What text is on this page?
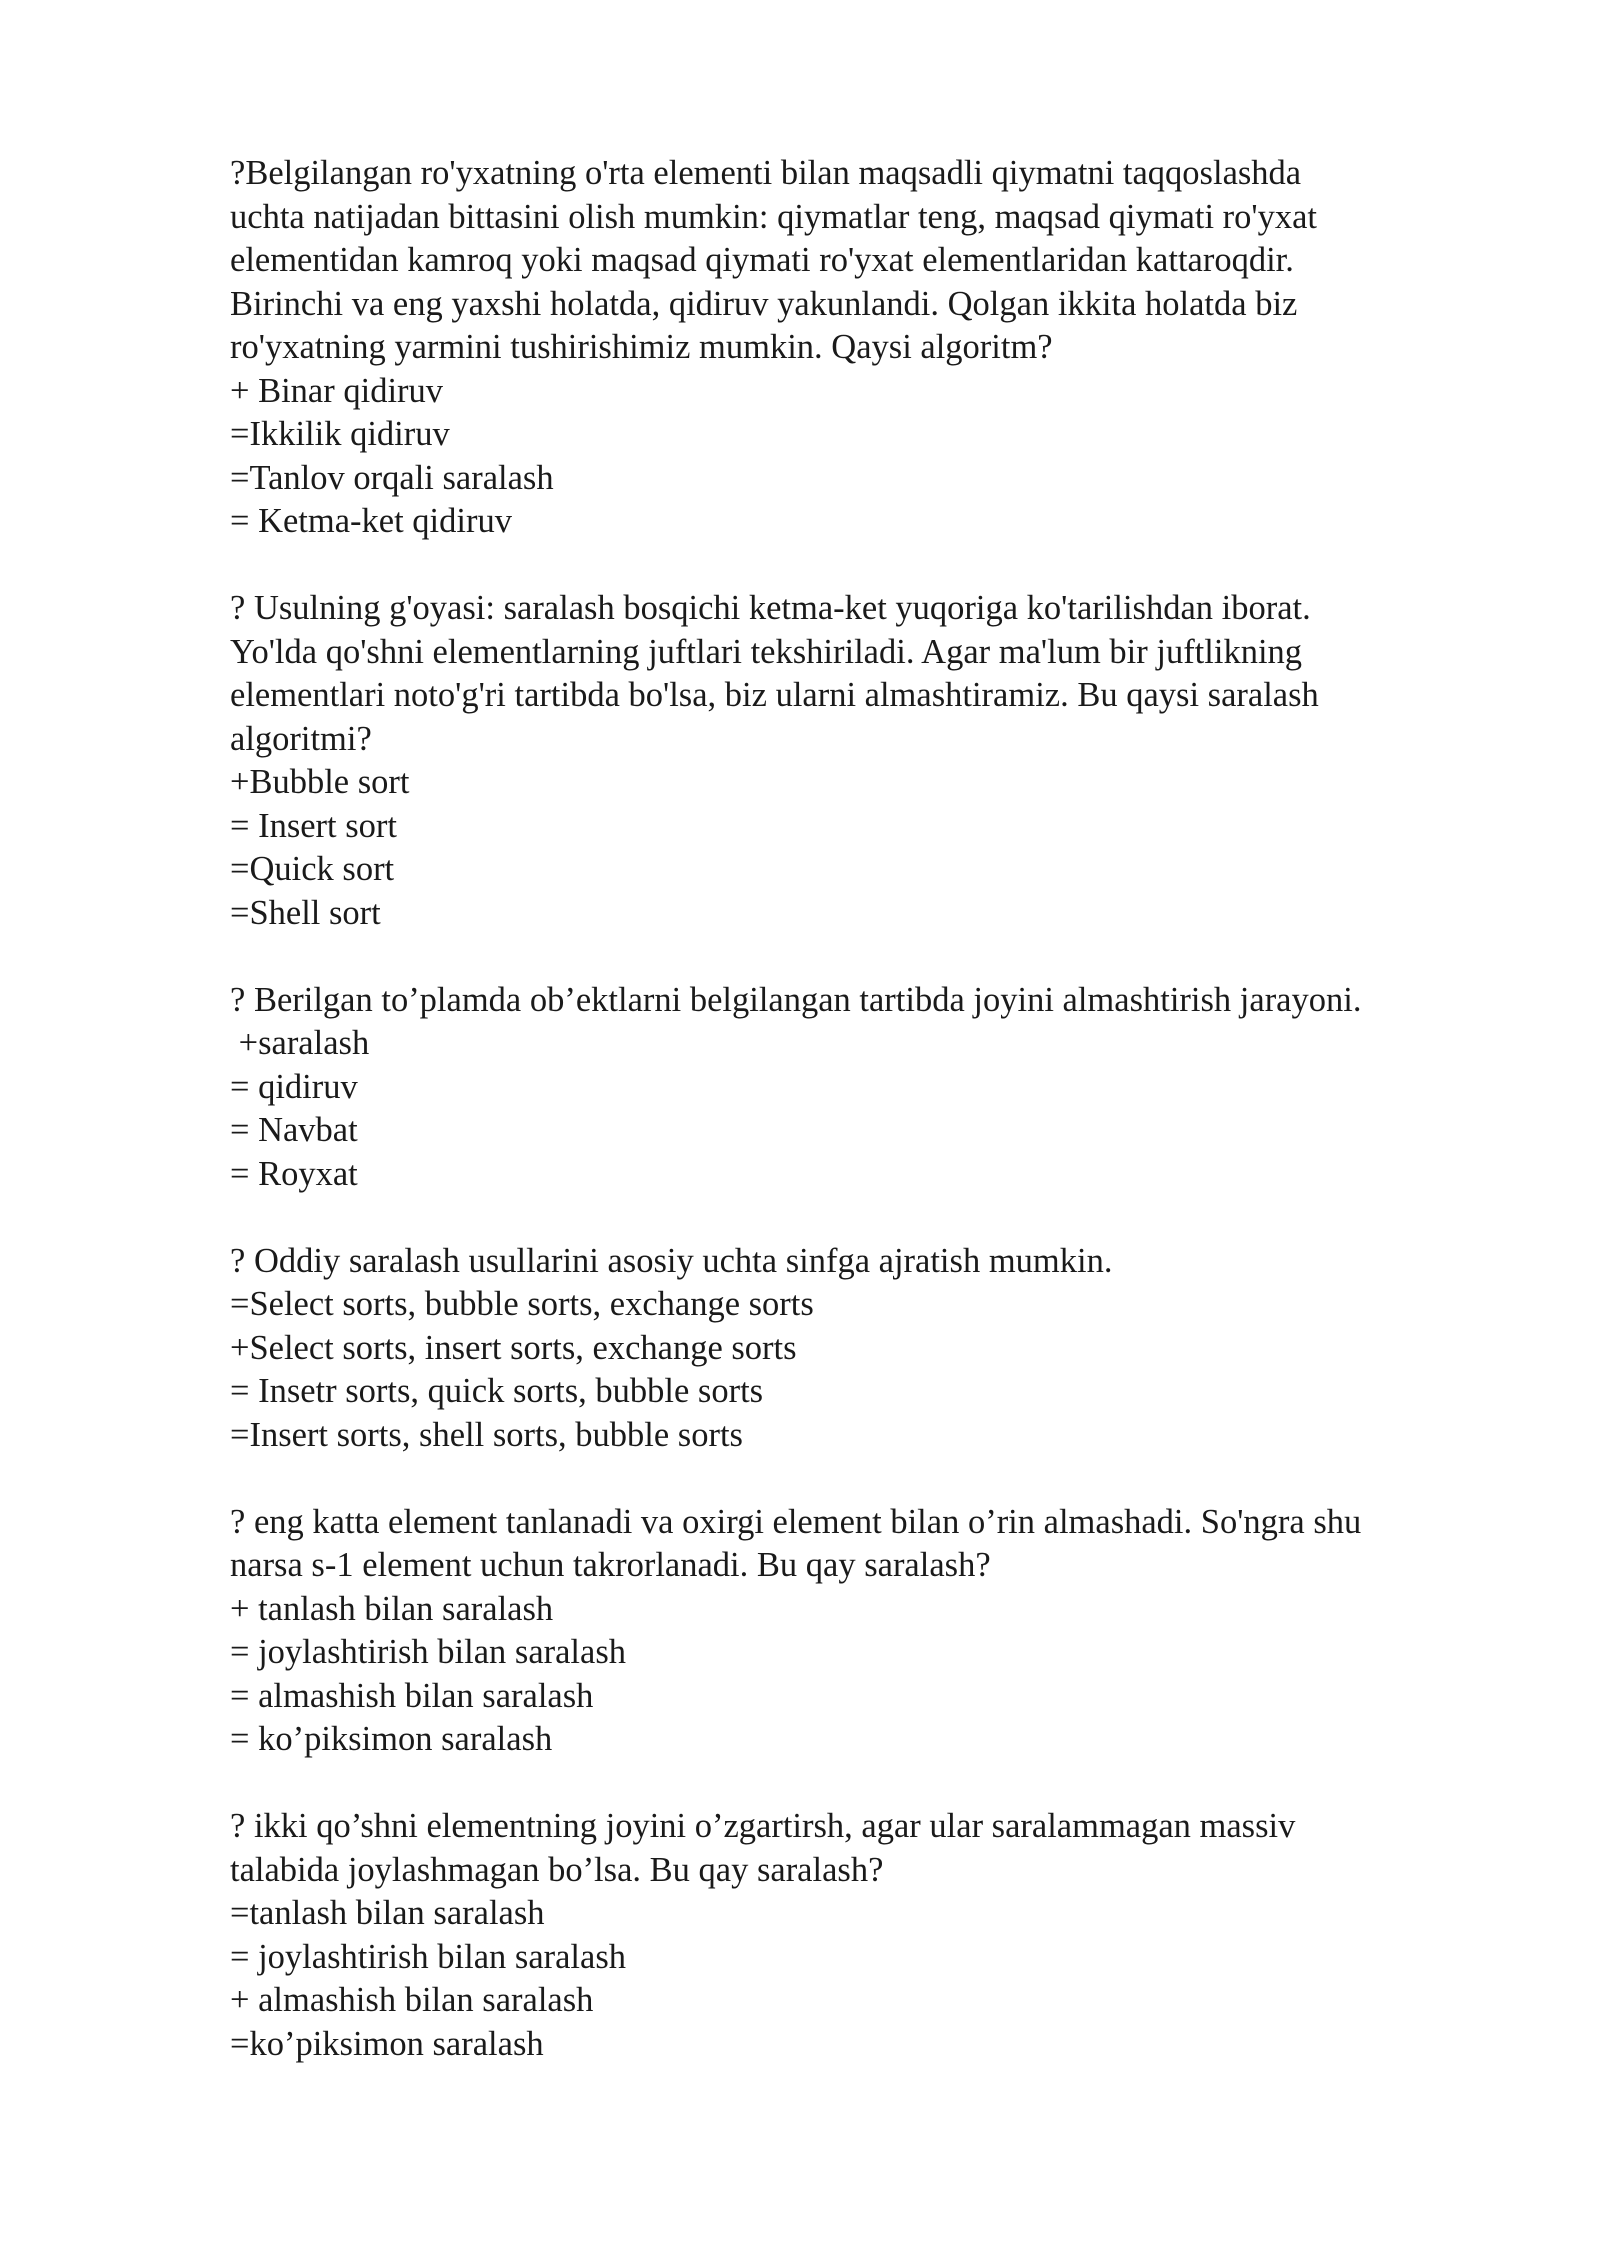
?Belgilangan ro'yxatning o'rta elementi bilan maqsadli qiymatni taqqoslashda
uchta natijadan bittasini olish mumkin: qiymatlar teng, maqsad qiymati ro'yxat
elementidan kamroq yoki maqsad qiymati ro'yxat elementlaridan kattaroqdir.
Birinchi va eng yaxshi holatda, qidiruv yakunlandi. Qolgan ikkita holatda biz
ro'yxatning yarmini tushirishimiz mumkin. Qaysi algoritm?
+ Binar qidiruv
=Ikkilik qidiruv
=Tanlov orqali saralash
= Ketma-ket qidiruv
? Usulning g'oyasi: saralash bosqichi ketma-ket yuqoriga ko'tarilishdan iborat.
Yo'lda qo'shni elementlarning juftlari tekshiriladi. Agar ma'lum bir juftlikning
elementlari noto'g'ri tartibda bo'lsa, biz ularni almashtiramiz. Bu qaysi saralash
algoritmi?
+Bubble sort
= Insert sort
=Quick sort
=Shell sort
? Berilgan to’plamda ob’ektlarni belgilangan tartibda joyini almashtirish jarayoni.
+saralash
= qidiruv
= Navbat
= Royxat
? Oddiy saralash usullarini asosiy uchta sinfga ajratish mumkin.
=Select sorts, bubble sorts, exchange sorts
+Select sorts, insert sorts, exchange sorts
= Insetr sorts, quick sorts, bubble sorts
=Insert sorts, shell sorts, bubble sorts
? eng katta element tanlanadi va oxirgi element bilan o’rin almashadi. So'ngra shu
narsa s-1 element uchun takrorlanadi. Bu qay saralash?
+ tanlash bilan saralash
= joylashtirish bilan saralash
= almashish bilan saralash
= ko’piksimon saralash
? ikki qo’shni elementning joyini o’zgartirsh, agar ular saralammagan massiv
talabida joylashmagan bo’lsa. Bu qay saralash?
=tanlash bilan saralash
= joylashtirish bilan saralash
+ almashish bilan saralash
=ko’piksimon saralash
